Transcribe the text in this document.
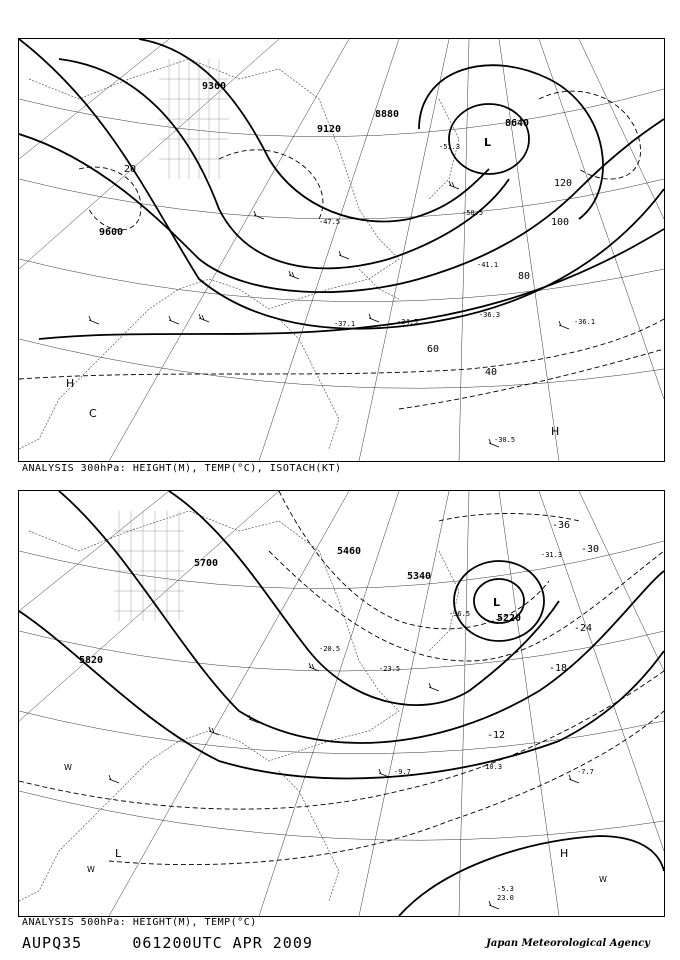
9360
9120
8880
8640
9600
20
40
60
80
100
120
-30.5
-36.1
-36.3
-34.5
-37.1
-50.5
-51.3
-47.5
-41.1
L
H
H
C
ANALYSIS 300hPa: HEIGHT(M), TEMP(°C), ISOTACH(KT)
5700
5820
5460
5340
5220
-12
-18
-24
-30
-36
-5.3
23.0
-10.3
-7.7
-9.7
-20.5
-23.5
-36.5
-31.3
L
L	H
W
W
W
ANALYSIS 500hPa: HEIGHT(M), TEMP(°C)
AUPQ35	061200UTC APR 2009	Japan Meteorological Agency
